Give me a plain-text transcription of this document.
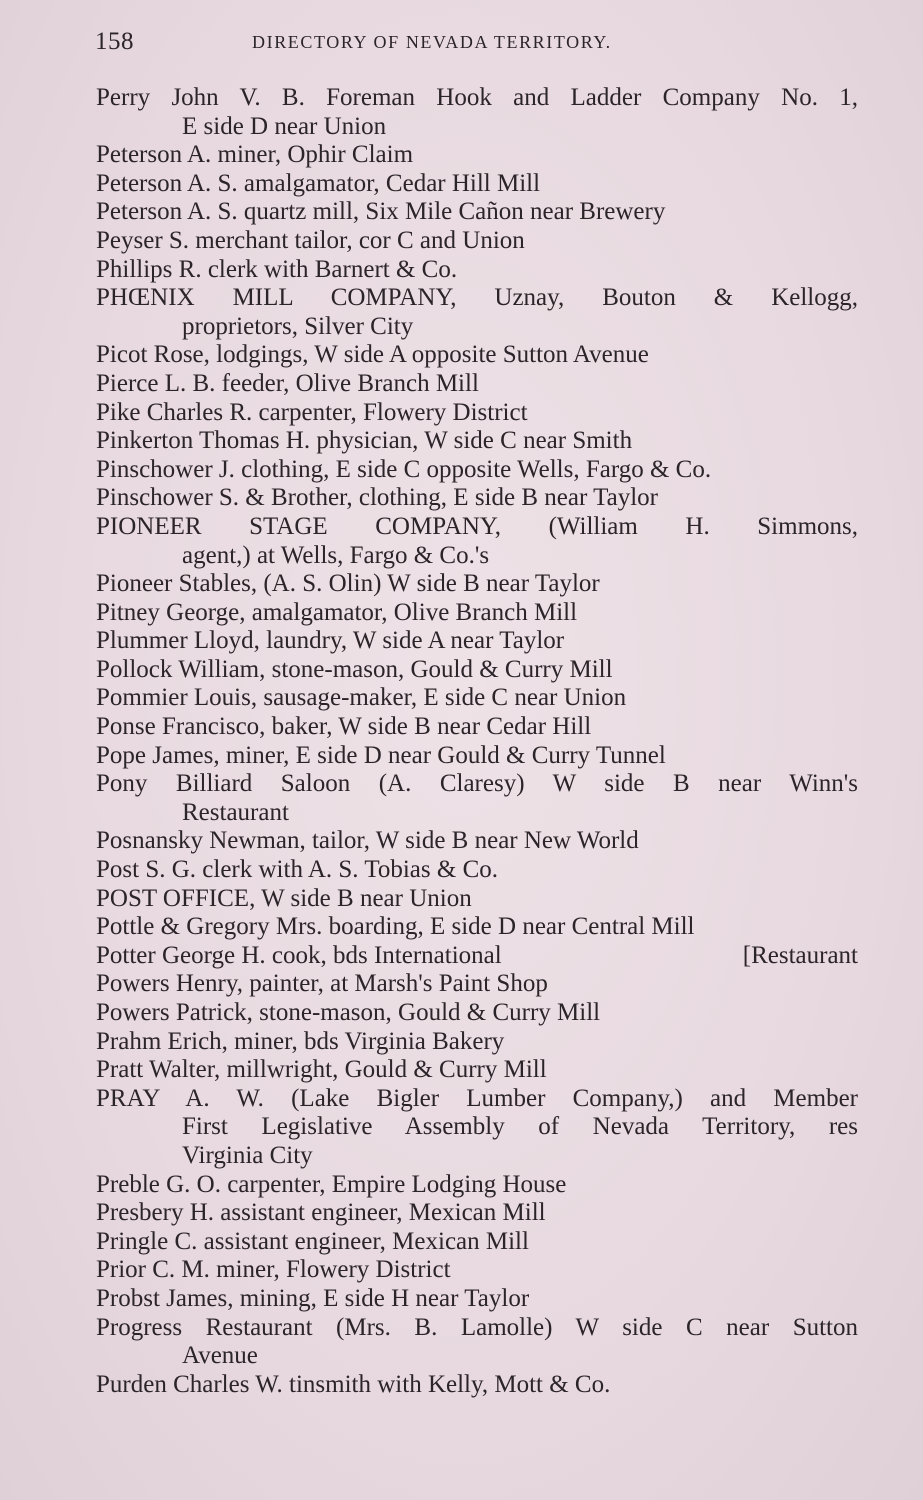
158	DIRECTORY OF NEVADA TERRITORY.
Perry John V. B. Foreman Hook and Ladder Company No. 1,
E side D near Union
Peterson A. miner, Ophir Claim
Peterson A. S. amalgamator, Cedar Hill Mill
Peterson A. S. quartz mill, Six Mile Cañon near Brewery
Peyser S. merchant tailor, cor C and Union
Phillips R. clerk with Barnert & Co.
PHŒNIX MILL COMPANY, Uznay, Bouton & Kellogg,
proprietors, Silver City
Picot Rose, lodgings, W side A opposite Sutton Avenue
Pierce L. B. feeder, Olive Branch Mill
Pike Charles R. carpenter, Flowery District
Pinkerton Thomas H. physician, W side C near Smith
Pinschower J. clothing, E side C opposite Wells, Fargo & Co.
Pinschower S. & Brother, clothing, E side B near Taylor
PIONEER STAGE COMPANY, (William H. Simmons,
agent,) at Wells, Fargo & Co.'s
Pioneer Stables, (A. S. Olin) W side B near Taylor
Pitney George, amalgamator, Olive Branch Mill
Plummer Lloyd, laundry, W side A near Taylor
Pollock William, stone-mason, Gould & Curry Mill
Pommier Louis, sausage-maker, E side C near Union
Ponse Francisco, baker, W side B near Cedar Hill
Pope James, miner, E side D near Gould & Curry Tunnel
Pony Billiard Saloon (A. Claresy) W side B near Winn's
Restaurant
Posnansky Newman, tailor, W side B near New World
Post S. G. clerk with A. S. Tobias & Co.
POST OFFICE, W side B near Union
Pottle & Gregory Mrs. boarding, E side D near Central Mill
Potter George H. cook, bds International	[Restaurant
Powers Henry, painter, at Marsh's Paint Shop
Powers Patrick, stone-mason, Gould & Curry Mill
Prahm Erich, miner, bds Virginia Bakery
Pratt Walter, millwright, Gould & Curry Mill
PRAY A. W. (Lake Bigler Lumber Company,) and Member
First Legislative Assembly of Nevada Territory, res
Virginia City
Preble G. O. carpenter, Empire Lodging House
Presbery H. assistant engineer, Mexican Mill
Pringle C. assistant engineer, Mexican Mill
Prior C. M. miner, Flowery District
Probst James, mining, E side H near Taylor
Progress Restaurant (Mrs. B. Lamolle) W side C near Sutton
Avenue
Purden Charles W. tinsmith with Kelly, Mott & Co.
